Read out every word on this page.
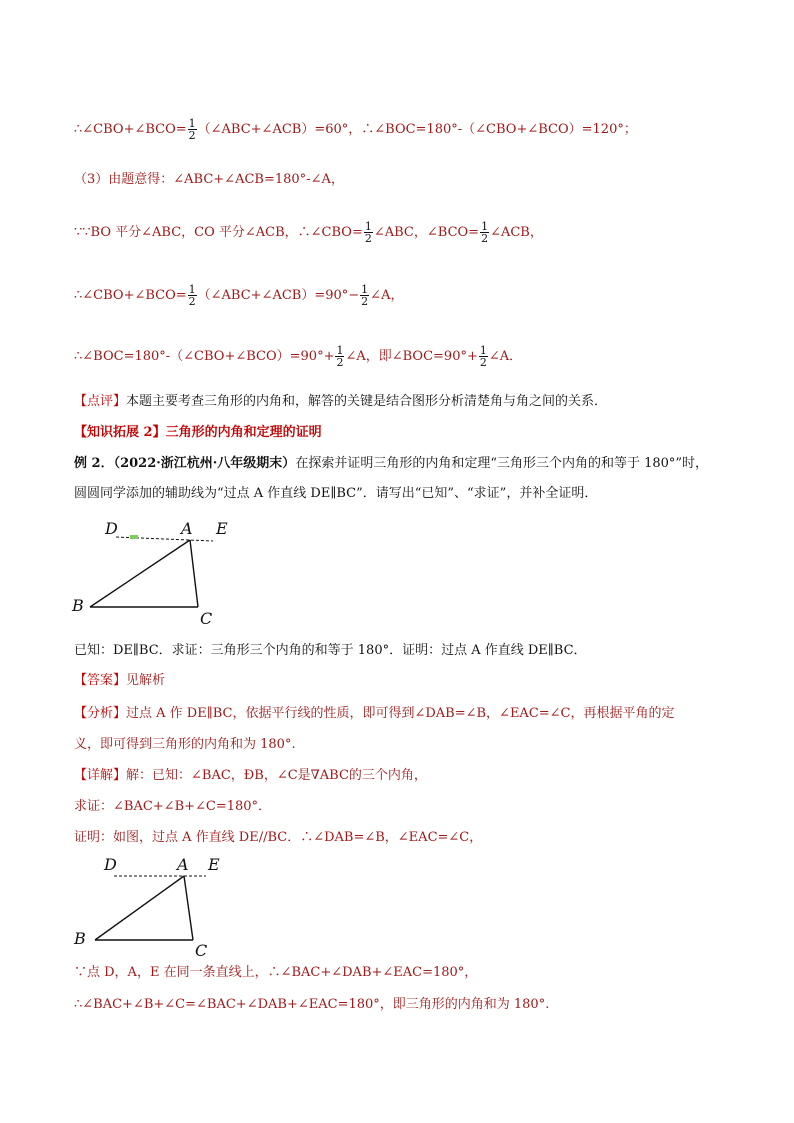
∴∠CBO+∠BCO= $\frac{1}{2}$ （∠ABC+∠ACB）=60°，∴∠BOC=180°-（∠CBO+∠BCO）=120°；
（3）由题意得：∠ABC+∠ACB=180°-∠A，
∵∵BO 平分∠ABC，CO 平分∠ACB，∴∠CBO= $\frac{1}{2}$ ∠ABC，∠BCO= $\frac{1}{2}$ ∠ACB，
∴∠CBO+∠BCO= $\frac{1}{2}$ （∠ABC+∠ACB）=90°− $\frac{1}{2}$ ∠A，
∴∠BOC=180°-（∠CBO+∠BCO）=90°+ $\frac{1}{2}$ ∠A，即∠BOC=90°+ $\frac{1}{2}$ ∠A．
【点评】本题主要考查三角形的内角和，解答的关键是结合图形分析清楚角与角之间的关系．
【知识拓展 2】三角形的内角和定理的证明
例 2．（2022·浙江杭州·八年级期末）在探索并证明三角形的内角和定理“三角形三个内角的和等于 180°”时，
圆圆同学添加的辅助线为“过点 A 作直线 DE∥BC”．请写出“已知”、“求证”，并补全证明．
D	A E
B
C
已知：DE∥BC．求证：三角形三个内角的和等于 180°．证明：过点 A 作直线 DE∥BC．
【答案】见解析
【分析】过点 A 作 DE∥BC，依据平行线的性质，即可得到∠DAB=∠B，∠EAC=∠C，再根据平角的定
义，即可得到三角形的内角和为 180°.
【详解】解：已知：∠BAC，ÐB，∠C是∇ABC的三个内角，
求证：∠BAC+∠B+∠C=180°．
证明：如图，过点 A 作直线 DE//BC．∴∠DAB=∠B，∠EAC=∠C，
D	A E
B
C
∵点 D，A，E 在同一条直线上，∴∠BAC+∠DAB+∠EAC=180°，
∴∠BAC+∠B+∠C=∠BAC+∠DAB+∠EAC=180°，即三角形的内角和为 180°.
